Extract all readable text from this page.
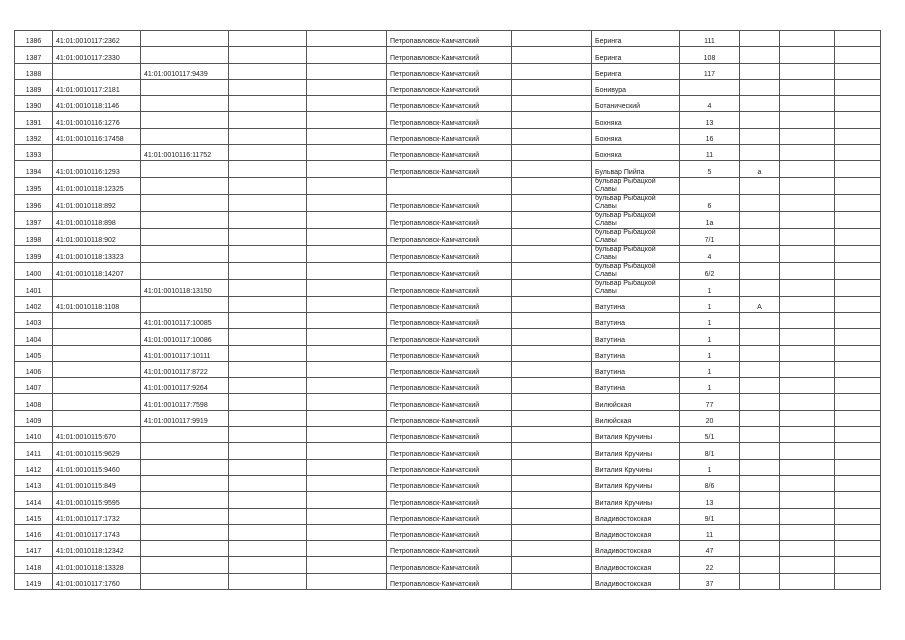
1386	41:01:0010117:2362				Петропавловск-Камчатский		Беринга	111			
1387	41:01:0010117:2330				Петропавловск-Камчатский		Беринга	108			
1388		41:01:0010117:9439			Петропавловск-Камчатский		Беринга	117			
1389	41:01:0010117:2181				Петропавловск-Камчатский		Бонивура				
1390	41:01:0010118:1146				Петропавловск-Камчатский		Ботанический	4			
1391	41:01:0010116:1276				Петропавловск-Камчатский		Бохняка	13			
1392	41:01:0010116:17458				Петропавловск-Камчатский		Бохняка	16			
1393		41:01:0010116:11752			Петропавловск-Камчатский		Бохняка	11			
1394	41:01:0010116:1293				Петропавловск-Камчатский		Бульвар Пийпа	5	а		
1395	41:01:0010118:12325						бульвар Рыбацкой Славы				
1396	41:01:0010118:892				Петропавловск-Камчатский		бульвар Рыбацкой Славы	6			
1397	41:01:0010118:898				Петропавловск-Камчатский		бульвар Рыбацкой Славы	1а			
1398	41:01:0010118:902				Петропавловск-Камчатский		бульвар Рыбацкой Славы	7/1			
1399	41:01:0010118:13323				Петропавловск-Камчатский		бульвар Рыбацкой Славы	4			
1400	41:01:0010118:14207				Петропавловск-Камчатский		бульвар Рыбацкой Славы	6/2			
1401		41:01:0010118:13150			Петропавловск-Камчатский		бульвар Рыбацкой Славы	1			
1402	41:01:0010118:1108				Петропавловск-Камчатский		Ватутина	1	А		
1403		41:01:0010117:10085			Петропавловск-Камчатский		Ватутина	1			
1404		41:01:0010117:10086			Петропавловск-Камчатский		Ватутина	1			
1405		41:01:0010117:10111			Петропавловск-Камчатский		Ватутина	1			
1406		41:01:0010117:8722			Петропавловск-Камчатский		Ватутина	1			
1407		41:01:0010117:9264			Петропавловск-Камчатский		Ватутина	1			
1408		41:01:0010117:7598			Петропавловск-Камчатский		Вилюйская	77			
1409		41:01:0010117:9919			Петропавловск-Камчатский		Вилюйская	20			
1410	41:01:0010115:670				Петропавловск-Камчатский		Виталия Кручины	5/1			
1411	41:01:0010115:9629				Петропавловск-Камчатский		Виталия Кручины	8/1			
1412	41:01:0010115:9460				Петропавловск-Камчатский		Виталия Кручины	1			
1413	41:01:0010115:849				Петропавловск-Камчатский		Виталия Кручины	8/6			
1414	41:01:0010115:9595				Петропавловск-Камчатский		Виталия Кручины	13			
1415	41:01:0010117:1732				Петропавловск-Камчатский		Владивостокская	9/1			
1416	41:01:0010117:1743				Петропавловск-Камчатский		Владивостокская	11			
1417	41:01:0010118:12342				Петропавловск-Камчатский		Владивостокская	47			
1418	41:01:0010118:13328				Петропавловск-Камчатский		Владивостокская	22			
1419	41:01:0010117:1760				Петропавловск-Камчатский		Владивостокская	37			
